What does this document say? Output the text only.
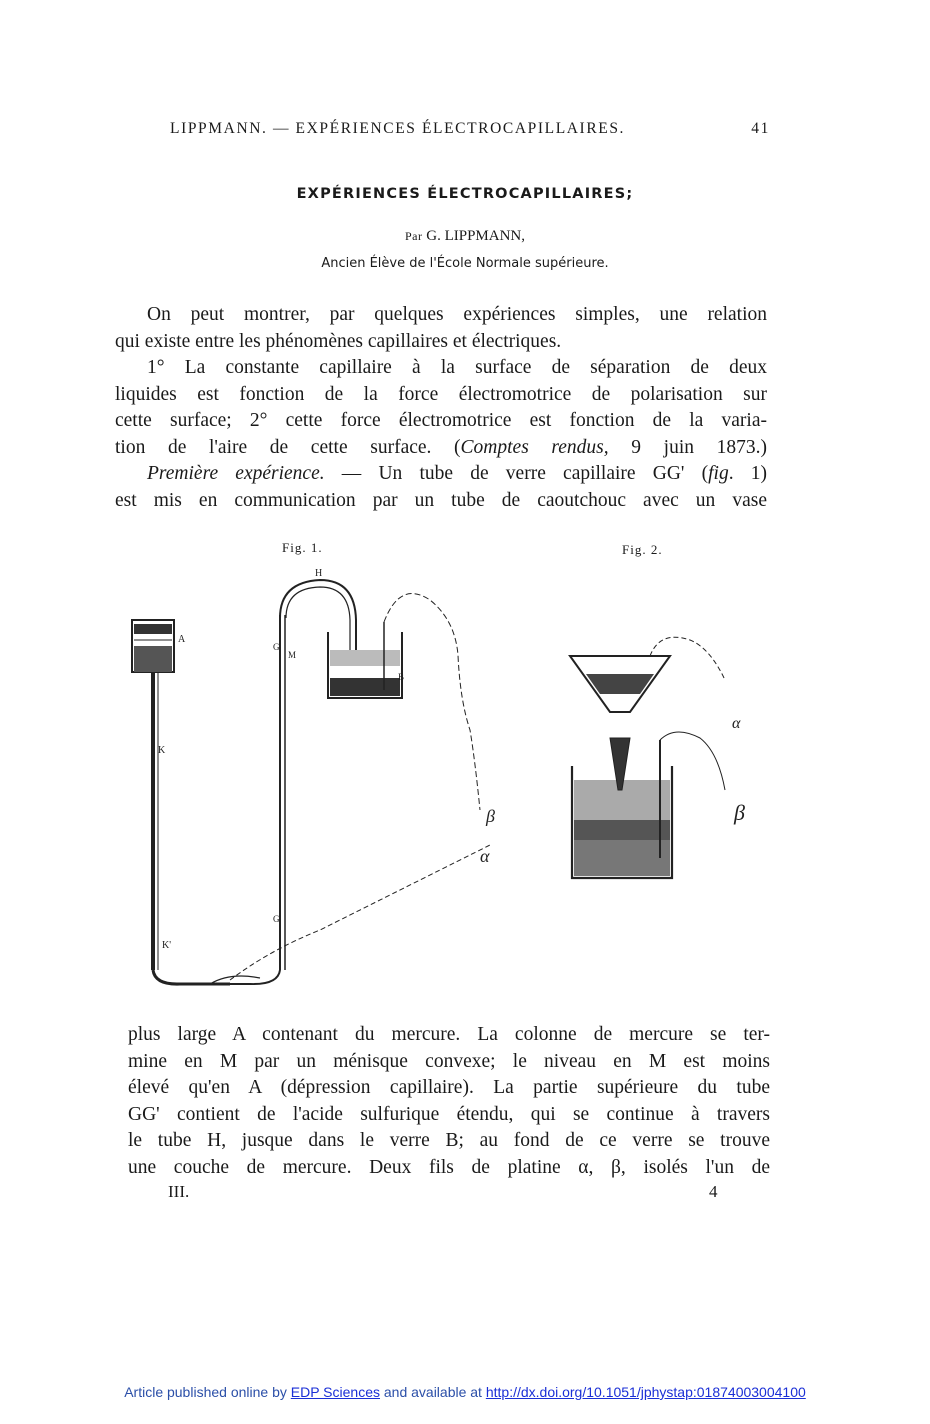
LIPPMANN. — EXPÉRIENCES ÉLECTROCAPILLAIRES.	41
EXPÉRIENCES ÉLECTROCAPILLAIRES;
Par G. LIPPMANN,
Ancien Élève de l'École Normale supérieure.
On peut montrer, par quelques expériences simples, une relation
qui existe entre les phénomènes capillaires et électriques.
1° La constante capillaire à la surface de séparation de deux
liquides est fonction de la force électromotrice de polarisation sur
cette surface; 2° cette force électromotrice est fonction de la varia-
tion de l'aire de cette surface. (Comptes rendus, 9 juin 1873.)
Première expérience. — Un tube de verre capillaire GG' (fig. 1)
est mis en communication par un tube de caoutchouc avec un vase
Fig. 1.	Fig. 2.
A
K
K'
H
G
G'
M
B
β
α
α
β
plus large A contenant du mercure. La colonne de mercure se ter-
mine en M par un ménisque convexe; le niveau en M est moins
élevé qu'en A (dépression capillaire). La partie supérieure du tube
GG' contient de l'acide sulfurique étendu, qui se continue à travers
le tube H, jusque dans le verre B; au fond de ce verre se trouve
une couche de mercure. Deux fils de platine α, β, isolés l'un de
III.	4
Article published online by EDP Sciences and available at http://dx.doi.org/10.1051/jphystap:01874003004100
